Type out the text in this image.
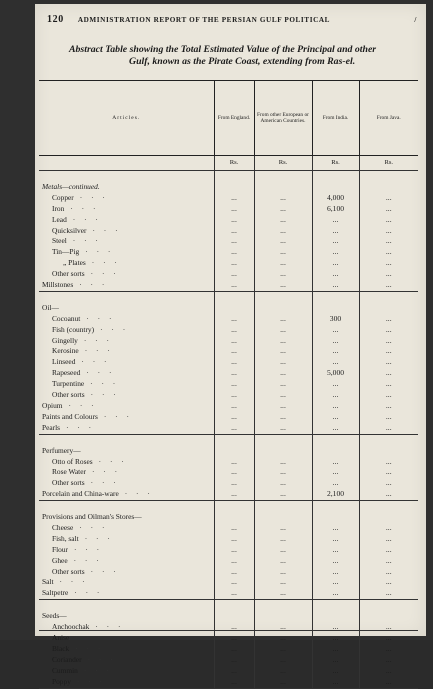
120 ADMINISTRATION REPORT OF THE PERSIAN GULF POLITICAL	/
Abstract Table showing the Total Estimated Value of the Principal and other
Gulf, known as the Pirate Coast, extending from Ras-el.
Articles.	From England.	From other European or American Countries.	From India.	From Java.
	Rs.	Rs.	Rs.	Rs.

Metals—continued.				
Copper · · ·	...	...	4,000	...
Iron · · ·	...	...	6,100	...
Lead · · ·	...	...	...	...
Quicksilver · · ·	...	...	...	...
Steel · · ·	...	...	...	...
Tin—Pig · · ·	...	...	...	...
„ Plates · · ·	...	...	...	...
Other sorts · · ·	...	...	...	...
Millstones · · ·	...	...	...	...

Oil—				
Cocoanut · · ·	...	...	300	...
Fish (country) · · ·	...	...	...	...
Gingelly · · ·	...	...	...	...
Kerosine · · ·	...	...	...	...
Linseed · · ·	...	...	...	...
Rapeseed · · ·	...	...	5,000	...
Turpentine · · ·	...	...	...	...
Other sorts · · ·	...	...	...	...
Opium · · ·	...	...	...	...
Paints and Colours · · ·	...	...	...	...
Pearls · · ·	...	...	...	...

Perfumery—				
Otto of Roses · · ·	...	...	...	...
Rose Water · · ·	...	...	...	...
Other sorts · · ·	...	...	...	...
Porcelain and China-ware · · ·	...	...	2,100	...

Provisions and Oilman's Stores—				
Cheese · · ·	...	...	...	...
Fish, salt · · ·	...	...	...	...
Flour · · ·	...	...	...	...
Ghee · · ·	...	...	...	...
Other sorts · · ·	...	...	...	...
Salt · · ·	...	...	...	...
Saltpetre · · ·	...	...	...	...

Seeds—				
Anchoochak · · ·	...	...	...	...
Anise · · ·	...	...	...	...
Black · · ·	...	...	...	...
Coriander · · ·	...	...	...	...
Cummin · · ·	...	...	...	...
Poppy · · ·	...	...	...	...
